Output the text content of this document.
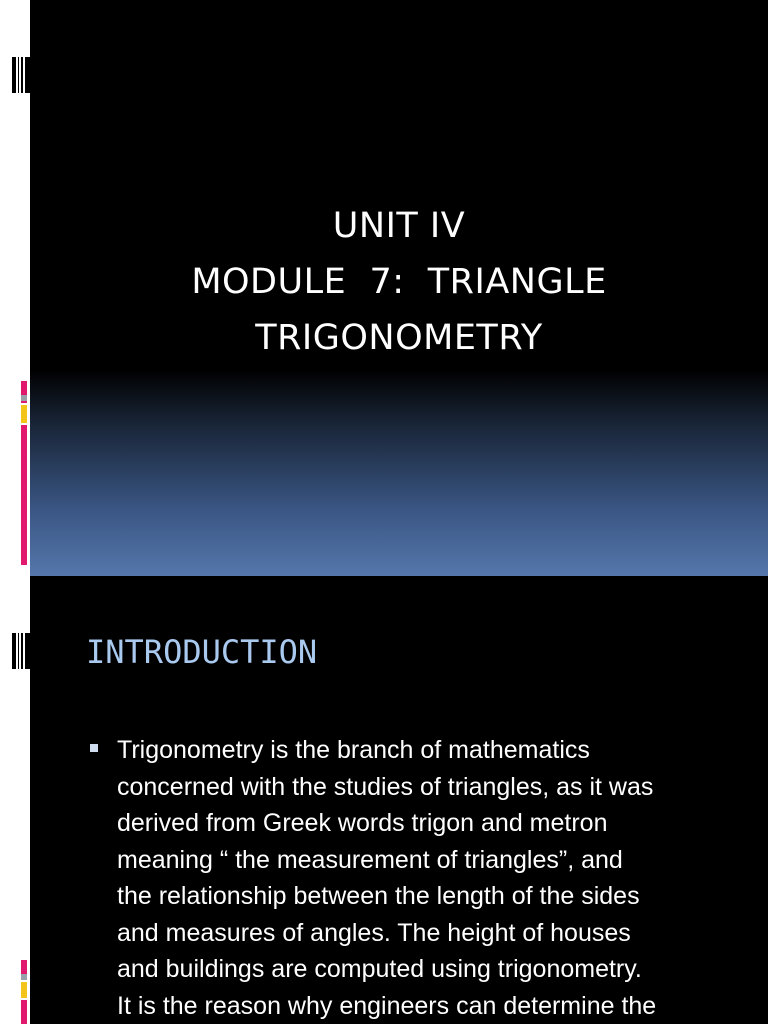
UNIT IV
MODULE  7:  TRIANGLE
TRIGONOMETRY
INTRODUCTION
Trigonometry is the branch of mathematics
concerned with the studies of triangles, as it was
derived from Greek words trigon and metron
meaning “ the measurement of triangles”, and
the relationship between the length of the sides
and measures of angles. The height of houses
and buildings are computed using trigonometry.
It is the reason why engineers can determine the
